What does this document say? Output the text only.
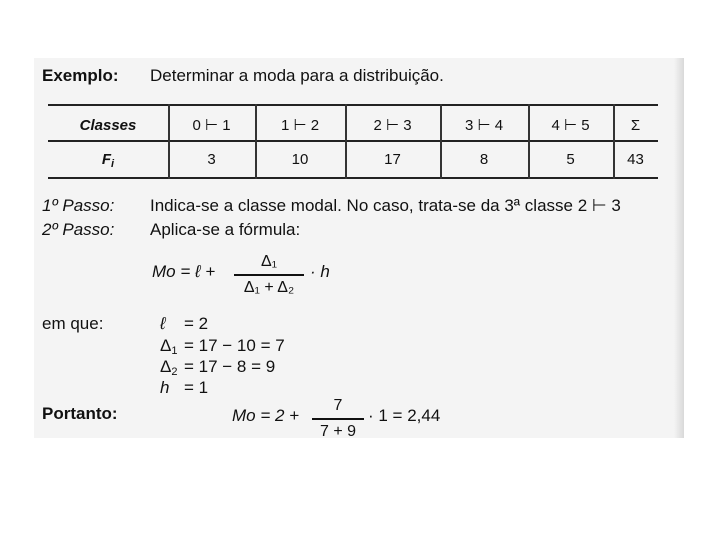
Exemplo: Determinar a moda para a distribuição.
Classes	0 ⊢ 1	1 ⊢ 2	2 ⊢ 3	3 ⊢ 4	4 ⊢ 5	Σ
$F_i$	3	10	17	8	5	43
1º Passo: Indica-se a classe modal. No caso, trata-se da 3ª classe 2 ⊢ 3
2º Passo: Aplica-se a fórmula:
Mo = ℓ +
Δ₁
Δ₁ + Δ₂
· h
em que:	ℓ = 2
$\Delta_1 = 17 - 10 = 7$
$\Delta_2 = 17 - 8 = 9$
h = 1
Portanto:	Mo = 2 +
7
7 + 9
· 1 = 2,44
